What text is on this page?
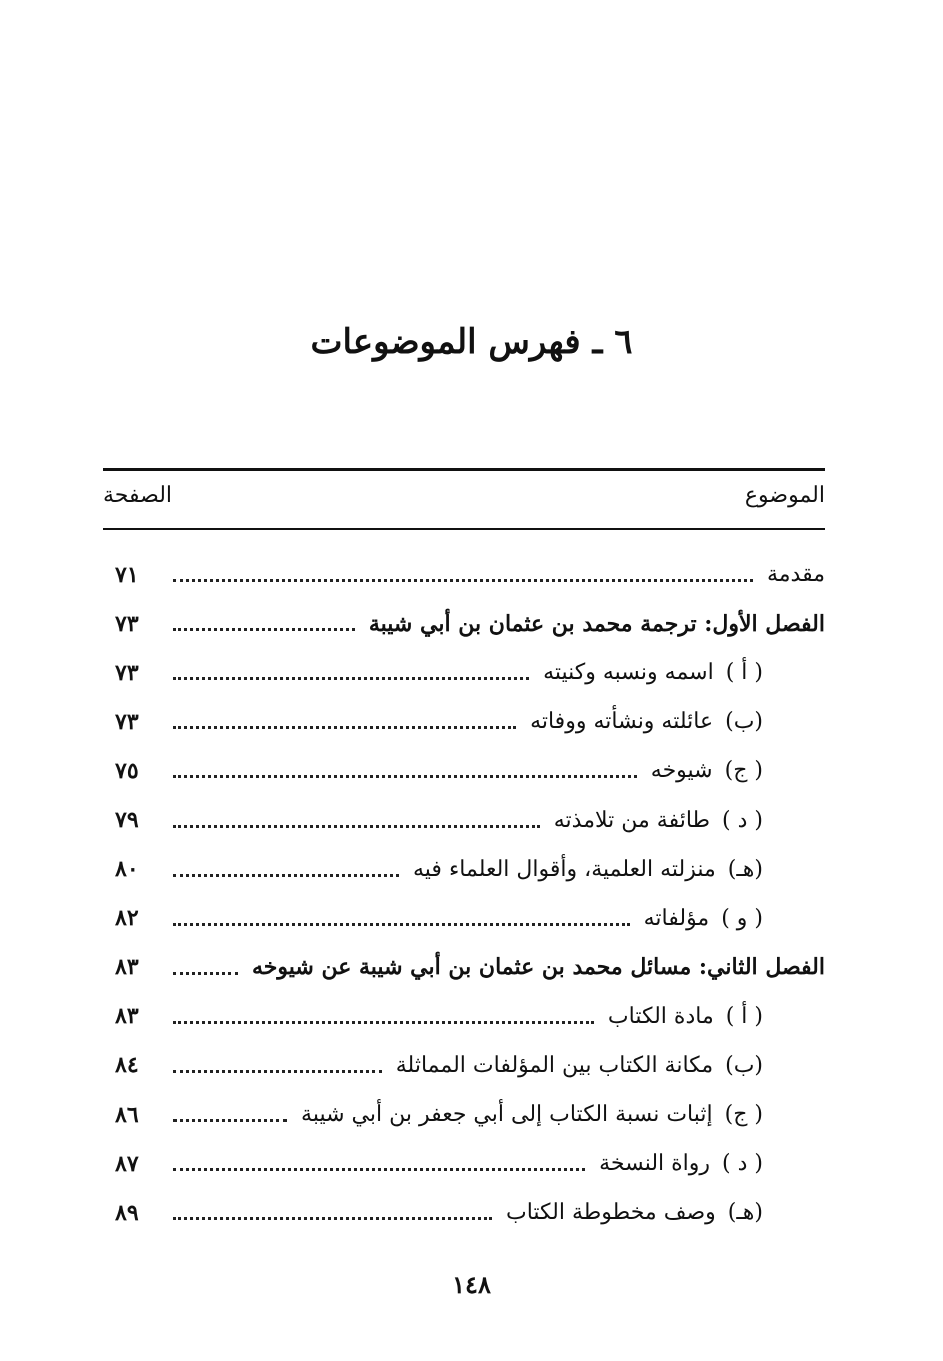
٦ ـ فهرس الموضوعات
الموضوع
الصفحة
مقدمة
٧١
الفصل الأول: ترجمة محمد بن عثمان بن أبي شيبة
٧٣
( أ )
اسمه ونسبه وكنيته
٧٣
(ب)
عائلته ونشأته ووفاته
٧٣
( ج)
شيوخه
٧٥
( د )
طائفة من تلامذته
٧٩
(هـ)
منزلته العلمية، وأقوال العلماء فيه
٨٠
( و )
مؤلفاته
٨٢
الفصل الثاني: مسائل محمد بن عثمان بن أبي شيبة عن شيوخه
٨٣
( أ )
مادة الكتاب
٨٣
(ب)
مكانة الكتاب بين المؤلفات المماثلة
٨٤
( ج)
إثبات نسبة الكتاب إلى أبي جعفر بن أبي شيبة
٨٦
( د )
رواة النسخة
٨٧
(هـ)
وصف مخطوطة الكتاب
٨٩
١٤٨
